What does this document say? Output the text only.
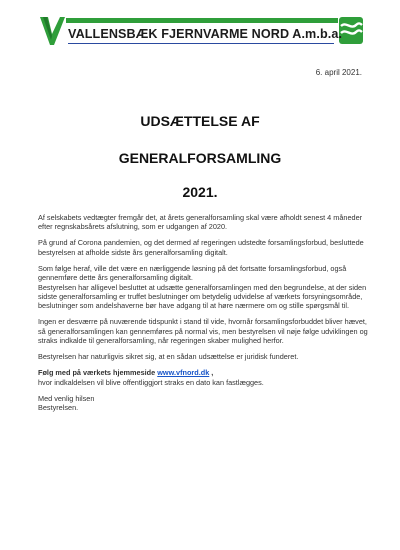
VALLENSBÆK FJERNVARME NORD A.m.b.a.
6. april 2021.
UDSÆTTELSE AF
GENERALFORSAMLING
2021.

Af selskabets vedtægter fremgår det, at årets generalforsamling skal være afholdt senest 4 måneder efter regnskabsårets afslutning, som er udgangen af 2020.

På grund af Corona pandemien, og det dermed af regeringen udstedte forsamlingsforbud, besluttede bestyrelsen at afholde sidste års generalforsamling digitalt.

Som følge heraf, ville det være en nærliggende løsning på det fortsatte forsamlingsforbud, også gennemføre dette års generalforsamling digitalt.

Bestyrelsen har alligevel besluttet at udsætte generalforsamlingen med den begrundelse, at der siden sidste generalforsamling er truffet beslutninger om betydelig udvidelse af værkets forsyningsområde, beslutninger som andelshaverne bør have adgang til at høre nærmere om og stille spørgsmål til.

Ingen er desværre på nuværende tidspunkt i stand til vide, hvornår forsamlingsforbuddet bliver hævet, så generalforsamlingen kan gennemføres på normal vis, men bestyrelsen vil nøje følge udviklingen og straks indkalde til generalforsamling, når regeringen skaber mulighed herfor.

Bestyrelsen har naturligvis sikret sig, at en sådan udsættelse er juridisk funderet.

Følg med på værkets hjemmeside www.vfnord.dk ,

hvor indkaldelsen vil blive offentliggjort straks en dato kan fastlægges.

Med venlig hilsen

Bestyrelsen.
